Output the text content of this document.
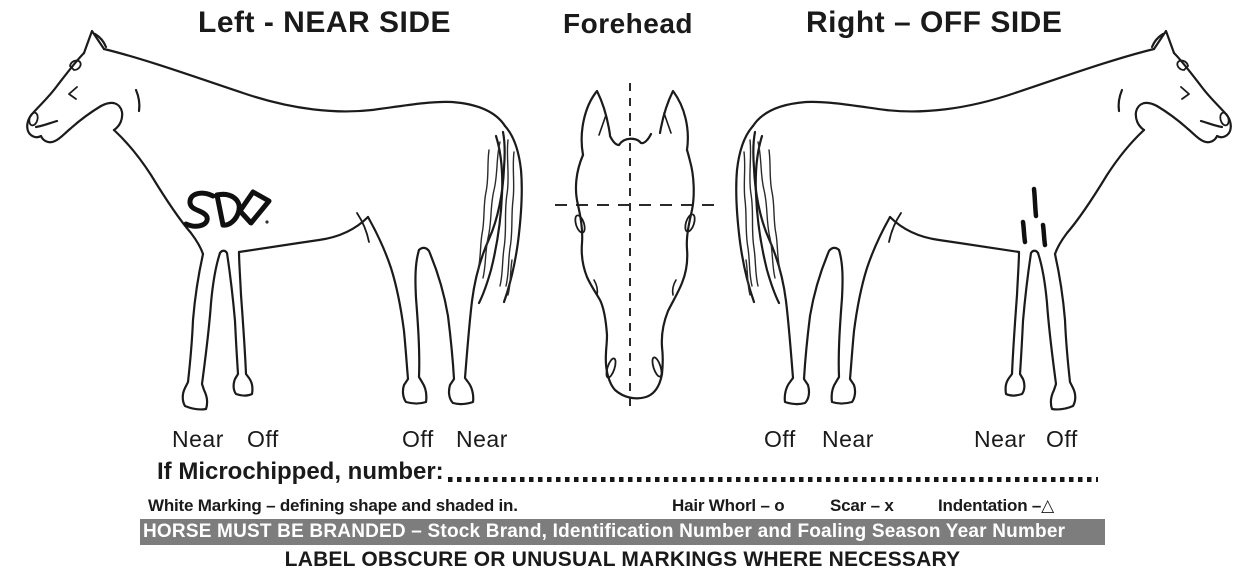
Left - NEAR SIDE	Forehead	Right – OFF SIDE
Near Off	Off Near	Off Near	Near Off
If Microchipped, number:
White Marking – defining shape and shaded in.	Hair Whorl – o	Scar – x	Indentation –△
HORSE MUST BE BRANDED – Stock Brand, Identification Number and Foaling Season Year Number
LABEL OBSCURE OR UNUSUAL MARKINGS WHERE NECESSARY
